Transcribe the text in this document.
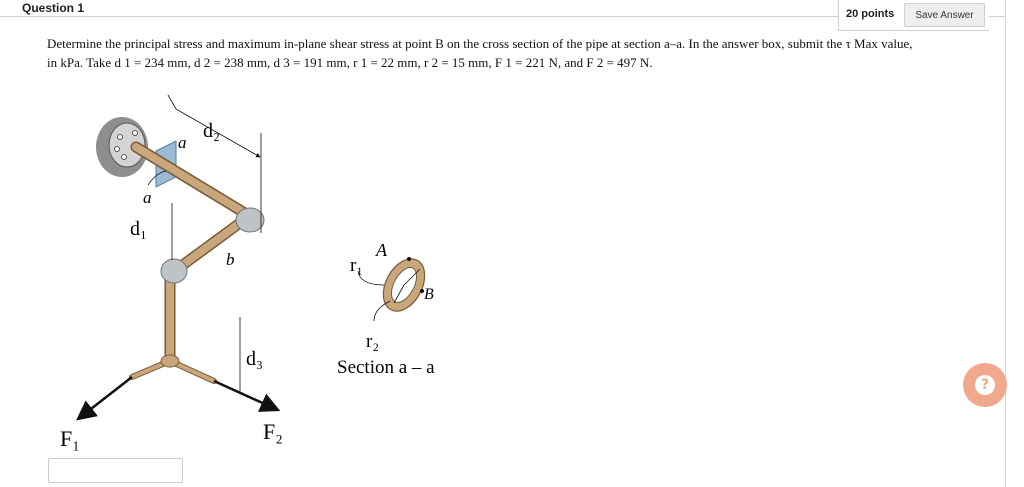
Question 1	20 points	Save Answer
Determine the principal stress and maximum in-plane shear stress at point B on the cross section of the pipe at section a–a. In the answer box, submit the τ Max value,
in kPa. Take d 1 = 234 mm, d 2 = 238 mm, d 3 = 191 mm, r 1 = 22 mm, r 2 = 15 mm, F 1 = 221 N, and F 2 = 497 N.
a
d₂
a
d₁
b
d₃
F₁	F₂
A
B
r₁
r₂
Section a – a
?
